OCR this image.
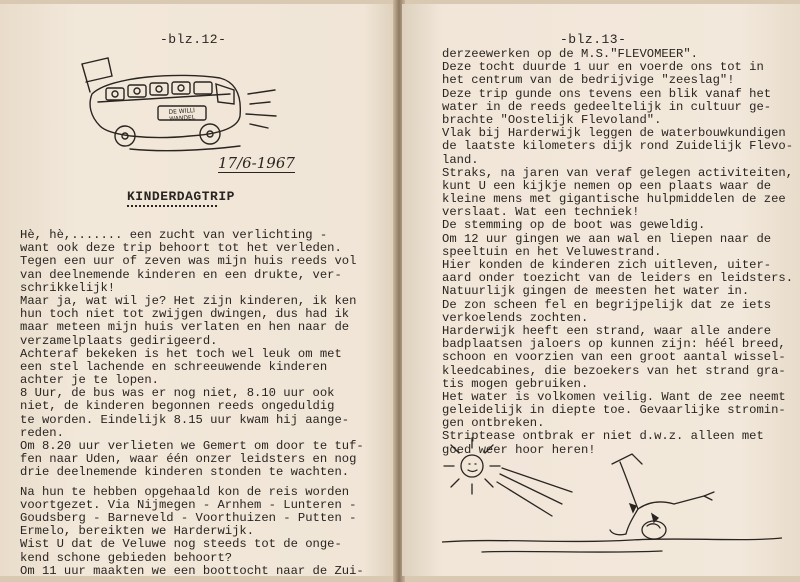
-blz.12-
DE WILLI WANDEL
17/6-1967
KINDERDAGTRIP
Hè, hè,....... een zucht van verlichting -
want ook deze trip behoort tot het verleden.
Tegen een uur of zeven was mijn huis reeds vol
van deelnemende kinderen en een drukte, ver-
schrikkelijk!
Maar ja, wat wil je? Het zijn kinderen, ik ken
hun toch niet tot zwijgen dwingen, dus had ik
maar meteen mijn huis verlaten en hen naar de
verzamelplaats gedirigeerd.
Achteraf bekeken is het toch wel leuk om met
een stel lachende en schreeuwende kinderen
achter je te lopen.
8 Uur, de bus was er nog niet, 8.10 uur ook
niet, de kinderen begonnen reeds ongeduldig
te worden. Eindelijk 8.15 uur kwam hij aange-
reden.
Om 8.20 uur verlieten we Gemert om door te tuf-
fen naar Uden, waar één onzer leidsters en nog
drie deelnemende kinderen stonden te wachten.
Na hun te hebben opgehaald kon de reis worden
voortgezet. Via Nijmegen - Arnhem - Lunteren -
Goudsberg - Barneveld - Voorthuizen - Putten -
Ermelo, bereikten we Harderwijk.
Wist U dat de Veluwe nog steeds tot de onge-
kend schone gebieden behoort?
Om 11 uur maakten we een boottocht naar de Zui-
-blz.13-
derzeewerken op de M.S."FLEVOMEER".
Deze tocht duurde 1 uur en voerde ons tot in
het centrum van de bedrijvige "zeeslag"!
Deze trip gunde ons tevens een blik vanaf het
water in de reeds gedeeltelijk in cultuur ge-
brachte "Oostelijk Flevoland".
Vlak bij Harderwijk leggen de waterbouwkundigen
de laatste kilometers dijk rond Zuidelijk Flevo-
land.
Straks, na jaren van veraf gelegen activiteiten,
kunt U een kijkje nemen op een plaats waar de
kleine mens met gigantische hulpmiddelen de zee
verslaat. Wat een techniek!
De stemming op de boot was geweldig.
Om 12 uur gingen we aan wal en liepen naar de
speeltuin en het Veluwestrand.
Hier konden de kinderen zich uitleven, uiter-
aard onder toezicht van de leiders en leidsters.
Natuurlijk gingen de meesten het water in.
De zon scheen fel en begrijpelijk dat ze iets
verkoelends zochten.
Harderwijk heeft een strand, waar alle andere
badplaatsen jaloers op kunnen zijn: héél breed,
schoon en voorzien van een groot aantal wissel-
kleedcabines, die bezoekers van het strand gra-
tis mogen gebruiken.
Het water is volkomen veilig. Want de zee neemt
geleidelijk in diepte toe. Gevaarlijke stromin-
gen ontbreken.
Striptease ontbrak er niet d.w.z. alleen met
goed weer hoor heren!
